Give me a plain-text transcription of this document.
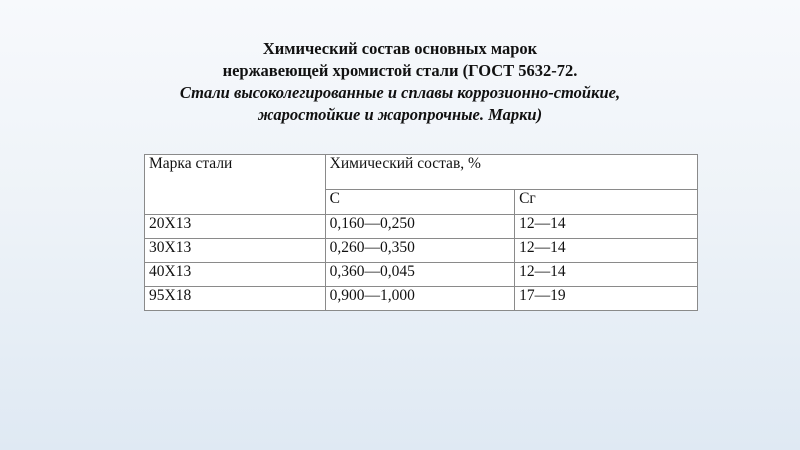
Химический состав основных марок
нержавеющей хромистой стали (ГОСТ 5632-72.
Стали высоколегированные и сплавы коррозионно-стойкие,
жаростойкие и жаропрочные. Марки)
Марка стали	Химический состав, %	
	С	Сг
20Х13	0,160—0,250	12—14
30Х13	0,260—0,350	12—14
40Х13	0,360—0,045	12—14
95Х18	0,900—1,000	17—19
